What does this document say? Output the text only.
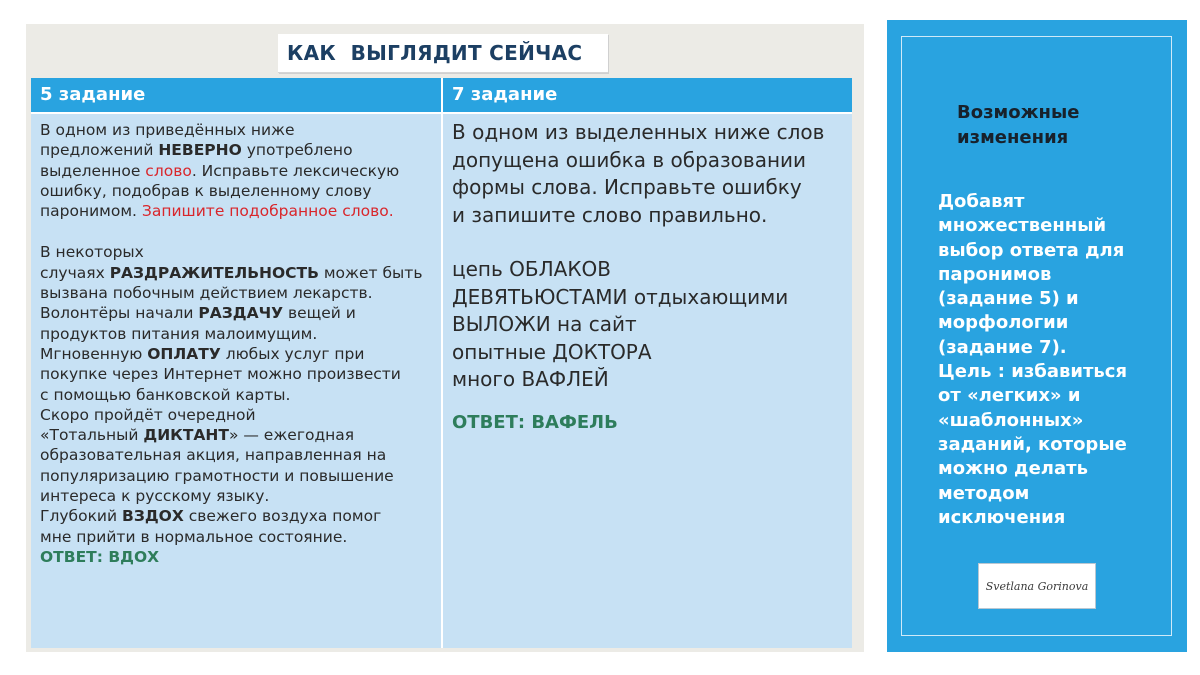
КАК  ВЫГЛЯДИТ СЕЙЧАС
5 задание	7 задание

В одном из приведённых ниже

предложений НЕВЕРНО употреблено

выделенное слово. Исправьте лексическую

ошибку, подобрав к выделенному слову

паронимом. Запишите подобранное слово.

В некоторых

случаях РАЗДРАЖИТЕЛЬНОСТЬ может быть

вызвана побочным действием лекарств.

Волонтёры начали РАЗДАЧУ вещей и

продуктов питания малоимущим.

Мгновенную ОПЛАТУ любых услуг при

покупке через Интернет можно произвести

с помощью банковской карты.

Скоро пройдёт очередной

«Тотальный ДИКТАНТ» — ежегодная

образовательная акция, направленная на

популяризацию грамотности и повышение

интереса к русскому языку.

Глубокий ВЗДОХ свежего воздуха помог

мне прийти в нормальное состояние.

ОТВЕТ: ВДОХ

В одном из выделенных ниже слов

допущена ошибка в образовании

формы слова. Исправьте ошибку

и запишите слово правильно.

цепь ОБЛАКОВ
ДЕВЯТЬЮСТАМИ отдыхающими
ВЫЛОЖИ на сайт
опытные ДОКТОРА
много ВАФЛЕЙ
ОТВЕТ: ВАФЕЛЬ
Возможные
изменения
Добавят
множественный
выбор ответа для
паронимов
(задание 5) и
морфологии
(задание 7).
Цель : избавиться
от «легких» и
«шаблонных»
заданий, которые
можно делать
методом
исключения
Svetlana Gorinova
